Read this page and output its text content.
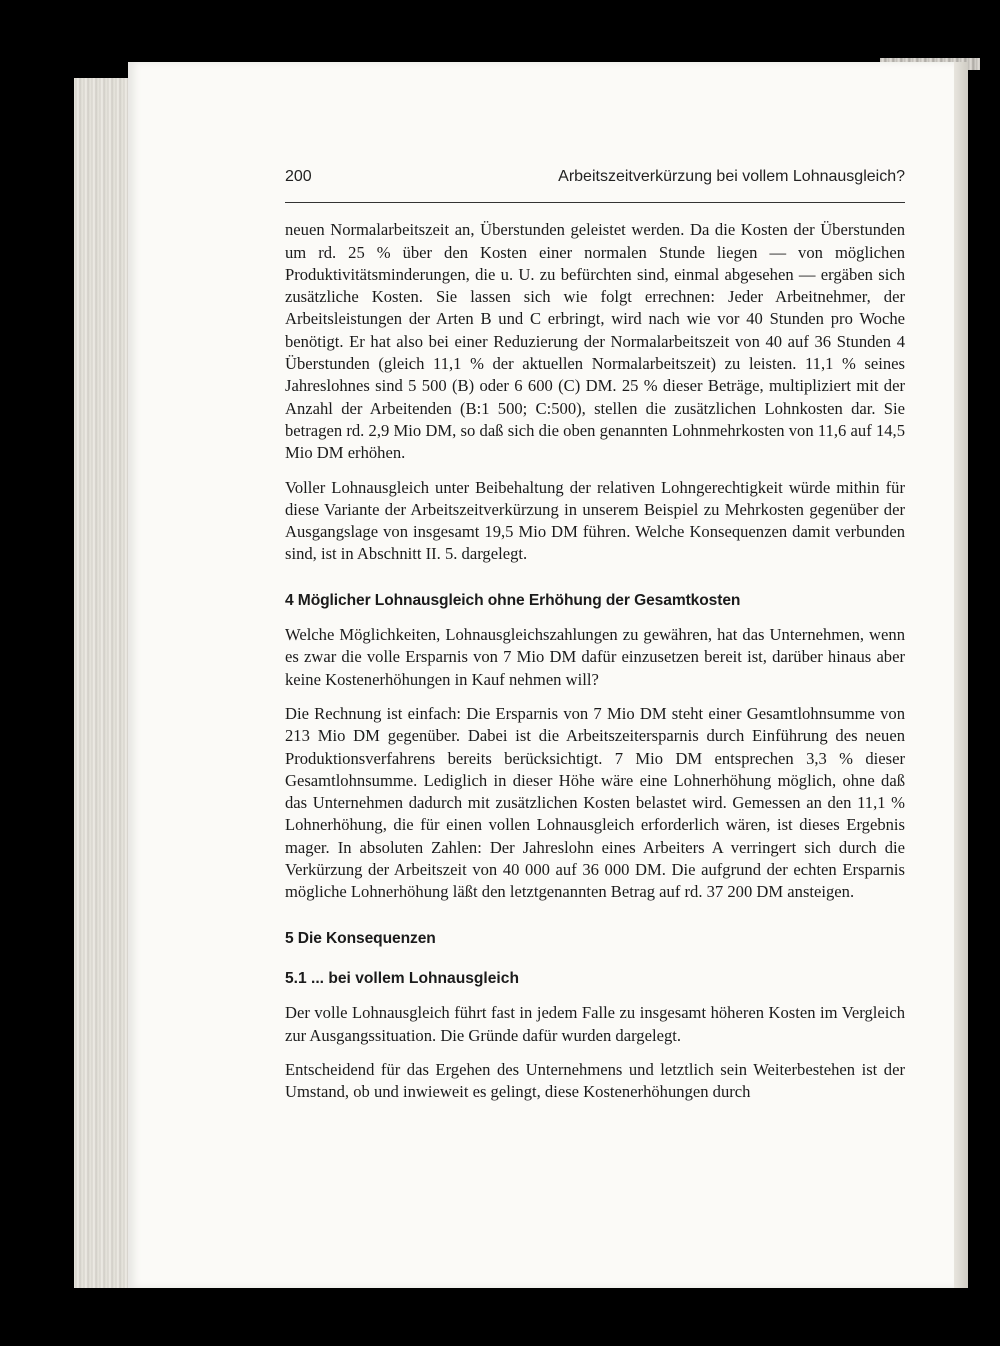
200	Arbeitszeitverkürzung bei vollem Lohnausgleich?

neuen Normalarbeitszeit an, Überstunden geleistet werden. Da die Kosten der Überstunden um rd. 25 % über den Kosten einer normalen Stunde liegen — von möglichen Produktivitätsminderungen, die u. U. zu befürchten sind, einmal abgesehen — ergäben sich zusätzliche Kosten. Sie lassen sich wie folgt errechnen: Jeder Arbeitnehmer, der Arbeitsleistungen der Arten B und C erbringt, wird nach wie vor 40 Stunden pro Woche benötigt. Er hat also bei einer Reduzierung der Normalarbeitszeit von 40 auf 36 Stunden 4 Überstunden (gleich 11,1 % der aktuellen Normalarbeitszeit) zu leisten. 11,1 % seines Jahreslohnes sind 5 500 (B) oder 6 600 (C) DM. 25 % dieser Beträge, multipliziert mit der Anzahl der Arbeitenden (B:1 500; C:500), stellen die zusätzlichen Lohnkosten dar. Sie betragen rd. 2,9 Mio DM, so daß sich die oben genannten Lohnmehrkosten von 11,6 auf 14,5 Mio DM erhöhen.

Voller Lohnausgleich unter Beibehaltung der relativen Lohngerechtigkeit würde mithin für diese Variante der Arbeitszeitverkürzung in unserem Beispiel zu Mehrkosten gegenüber der Ausgangslage von insgesamt 19,5 Mio DM führen. Welche Konsequenzen damit verbunden sind, ist in Abschnitt II. 5. dargelegt.

4 Möglicher Lohnausgleich ohne Erhöhung der Gesamtkosten

Welche Möglichkeiten, Lohnausgleichszahlungen zu gewähren, hat das Unternehmen, wenn es zwar die volle Ersparnis von 7 Mio DM dafür einzusetzen bereit ist, darüber hinaus aber keine Kostenerhöhungen in Kauf nehmen will?

Die Rechnung ist einfach: Die Ersparnis von 7 Mio DM steht einer Gesamtlohnsumme von 213 Mio DM gegenüber. Dabei ist die Arbeitszeitersparnis durch Einführung des neuen Produktionsverfahrens bereits berücksichtigt. 7 Mio DM entsprechen 3,3 % dieser Gesamtlohnsumme. Lediglich in dieser Höhe wäre eine Lohnerhöhung möglich, ohne daß das Unternehmen dadurch mit zusätzlichen Kosten belastet wird. Gemessen an den 11,1 % Lohnerhöhung, die für einen vollen Lohnausgleich erforderlich wären, ist dieses Ergebnis mager. In absoluten Zahlen: Der Jahreslohn eines Arbeiters A verringert sich durch die Verkürzung der Arbeitszeit von 40 000 auf 36 000 DM. Die aufgrund der echten Ersparnis mögliche Lohnerhöhung läßt den letztgenannten Betrag auf rd. 37 200 DM ansteigen.

5 Die Konsequenzen
5.1 ... bei vollem Lohnausgleich

Der volle Lohnausgleich führt fast in jedem Falle zu insgesamt höheren Kosten im Vergleich zur Ausgangssituation. Die Gründe dafür wurden dargelegt.

Entscheidend für das Ergehen des Unternehmens und letztlich sein Weiterbestehen ist der Umstand, ob und inwieweit es gelingt, diese Kostenerhöhungen durch
